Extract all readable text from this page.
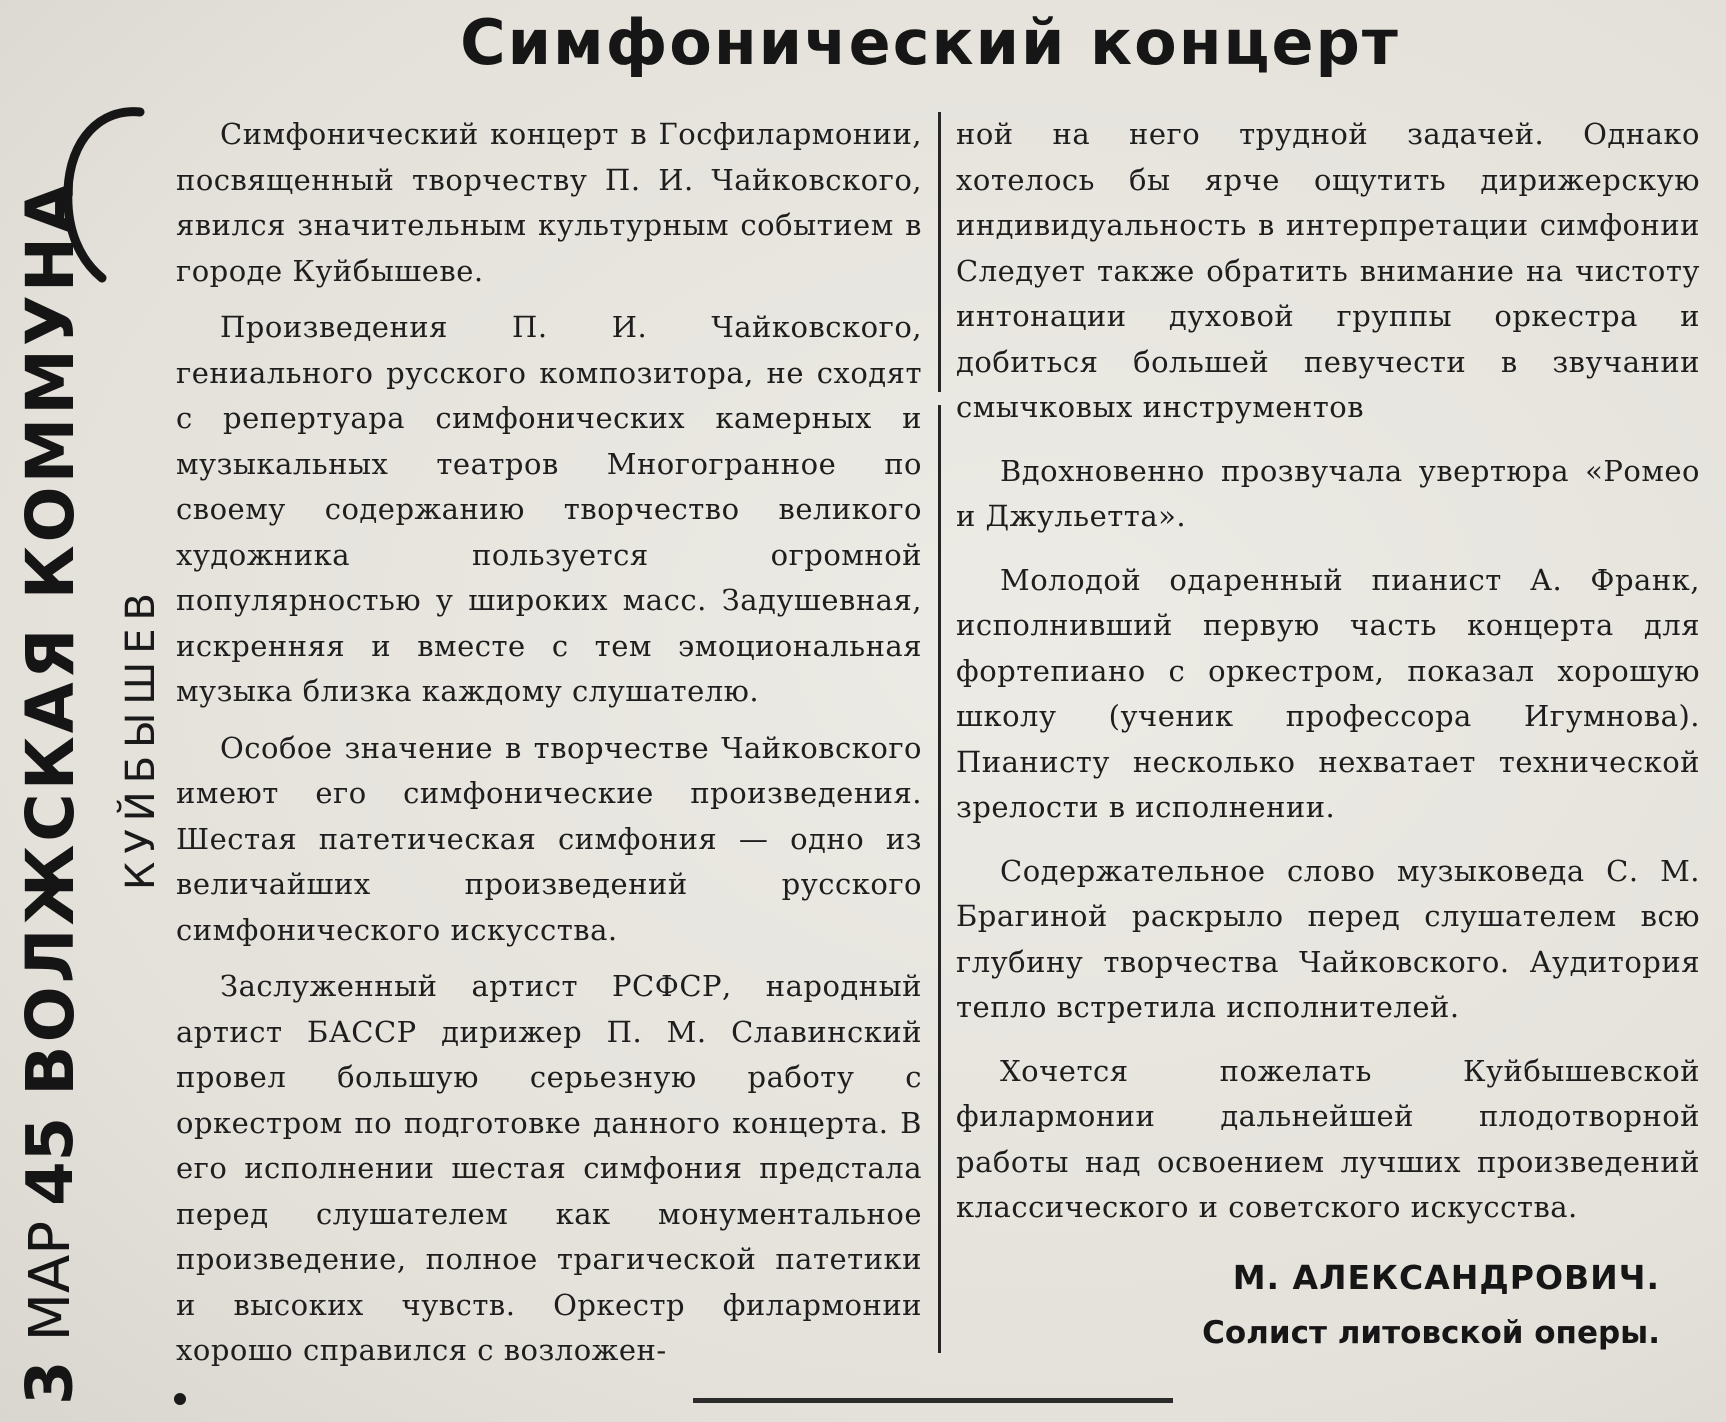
Симфонический концерт

Симфонический концерт в Госфилармонии, посвященный творчеству П. И. Чайковского, явился значительным культурным событием в городе Куйбышеве.

Произведения П. И. Чайковского, гениального русского композитора, не сходят с репертуара симфонических камерных и музыкальных театров Многогранное по своему содержанию творчество великого художника пользуется огромной популярностью у широких масс. Задушевная, искренняя и вместе с тем эмоциональная музыка близка каждому слушателю.

Особое значение в творчестве Чайковского имеют его симфонические произведения. Шестая патетическая симфония — одно из величайших произведений русского симфонического искусства.

Заслуженный артист РСФСР, народный артист БАССР дирижер П. М. Славинский провел большую серьезную работу с оркестром по подготовке данного концерта. В его исполнении шестая симфония предстала перед слушателем как монументальное произведение, полное трагической патетики и высоких чувств. Оркестр филармонии хорошо справился с возложен-

ной на него трудной задачей. Однако хотелось бы ярче ощутить дирижерскую индивидуальность в интерпретации симфонии Следует также обратить внимание на чистоту интонации духовой группы оркестра и добиться большей певучести в звучании смычковых инструментов

Вдохновенно прозвучала увертюра «Ромео и Джульетта».

Молодой одаренный пианист А. Франк, исполнивший первую часть концерта для фортепиано с оркестром, показал хорошую школу (ученик профессора Игумнова). Пианисту несколько нехватает технической зрелости в исполнении.

Содержательное слово музыковеда С. М. Брагиной раскрыло перед слушателем всю глубину творчества Чайковского. Аудитория тепло встретила исполнителей.

Хочется пожелать Куйбышевской филармонии дальнейшей плодотворной работы над освоением лучших произведений классического и советского искусства.

М. АЛЕКСАНДРОВИЧ.
Солист литовской оперы.
3 МАР 45 ВОЛЖСКАЯ КОММУНА КУЙБЫШЕВ
